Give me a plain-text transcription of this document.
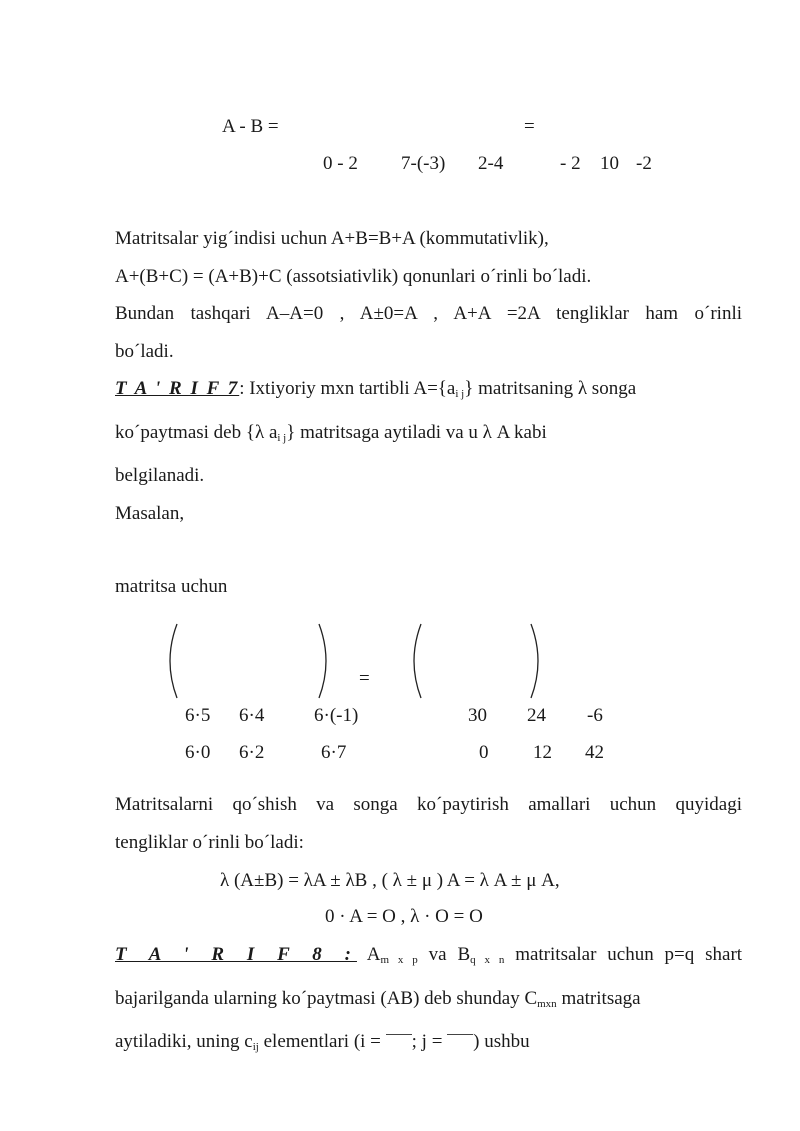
A - B =	=
0 - 2 7-(-3) 2-4	- 2 10 -2
Matritsalar yig´indisi uchun A+B=B+A (kommutativlik),
A+(B+C) = (A+B)+C (assotsiativlik) qonunlari o´rinli bo´ladi.
Bundan tashqari A–A=0 , A±0=A , A+A =2A tengliklar ham o´rinli
bo´ladi.
T A ' R I F 7: Ixtiyoriy mxn tartibli $A=\{a_{i j}\}$ matritsaning λ songa
ko´paytmasi deb {λ $a_{i j}$} matritsaga aytiladi va u λ A kabi
belgilanadi.
Masalan,
matritsa uchun
=
6·5 6·4	6·(-1)	30 24 -6
6·0 6·2	6·7	0 12 42
Matritsalarni qo´shish va songa ko´paytirish amallari uchun quyidagi
tengliklar o´rinli bo´ladi:
λ (A±B) = λA ± λB , ( λ ± μ ) A = λ A ± μ A,
0 · A = O , λ · O = O
T A ' R I F 8 : $A_{m x p}$ va $B_{q x n}$ matritsalar uchun p=q shart
bajarilganda ularning ko´paytmasi (AB) deb shunday $C_{mxn}$ matritsaga
aytiladiki, uning $c_{ij}$ elementlari (i = ; j = ) ushbu
